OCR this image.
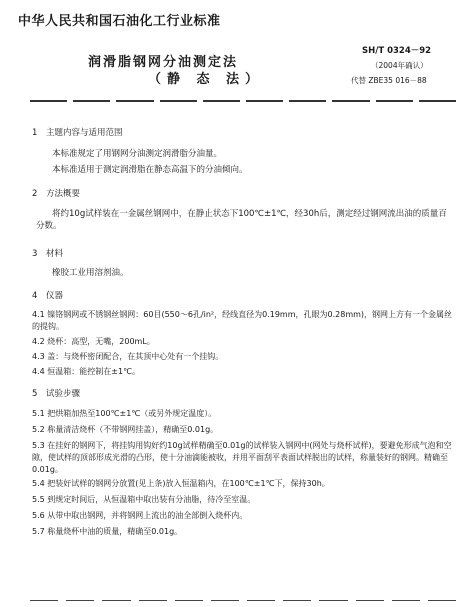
中华人民共和国石油化工行业标准
润滑脂钢网分油测定法
（静 态 法）
SH/T 0324－92
（2004年确认）
代替 ZBE35 016－88
1 主题内容与适用范围
本标准规定了用钢网分油测定润滑脂分油量。
本标准适用于测定润滑脂在静态高温下的分油倾向。
2 方法概要
将约10g试样装在一金属丝钢网中，在静止状态下100℃±1℃，经30h后，测定经过钢网流出油的质量百分数。
3 材料
橡胶工业用溶剂油。
4 仪器
4.1 镍铬钢网或不锈钢丝钢网：60目(550～6孔/in²，经线直径为0.19mm，孔眼为0.28mm)，钢网上方有一个金属丝的提钩。
4.2 烧杯：高型，无嘴，200mL。
4.3 盖：与烧杯密闭配合，在其顶中心处有一个挂钩。
4.4 恒温箱：能控制在±1℃。
5 试验步骤
5.1 把烘箱加热至100℃±1℃（或另外规定温度）。
5.2 称量清洁烧杯（不带钢网挂盖），精确至0.01g。
5.3 在挂好的钢网下，将挂钩用钩好约10g试样精确至0.01g的试样装入钢网中(网处与烧杯试样)，要避免形成气泡和空隙，使试样的顶部形成光滑的凸形，使十分油滴能被收，并用平面刮平表面试样脱出的试样，称量装好的钢网。精确至0.01g。
5.4 把装好试样的钢网分放置(见上条)放入恒温箱内，在100℃±1℃下，保持30h。
5.5 到规定时间后，从恒温箱中取出装有分油脂，待冷至室温。
5.6 从带中取出钢网，并将钢网上流出的油全部倒入烧杯内。
5.7 称量烧杯中油的质量，精确至0.01g。
